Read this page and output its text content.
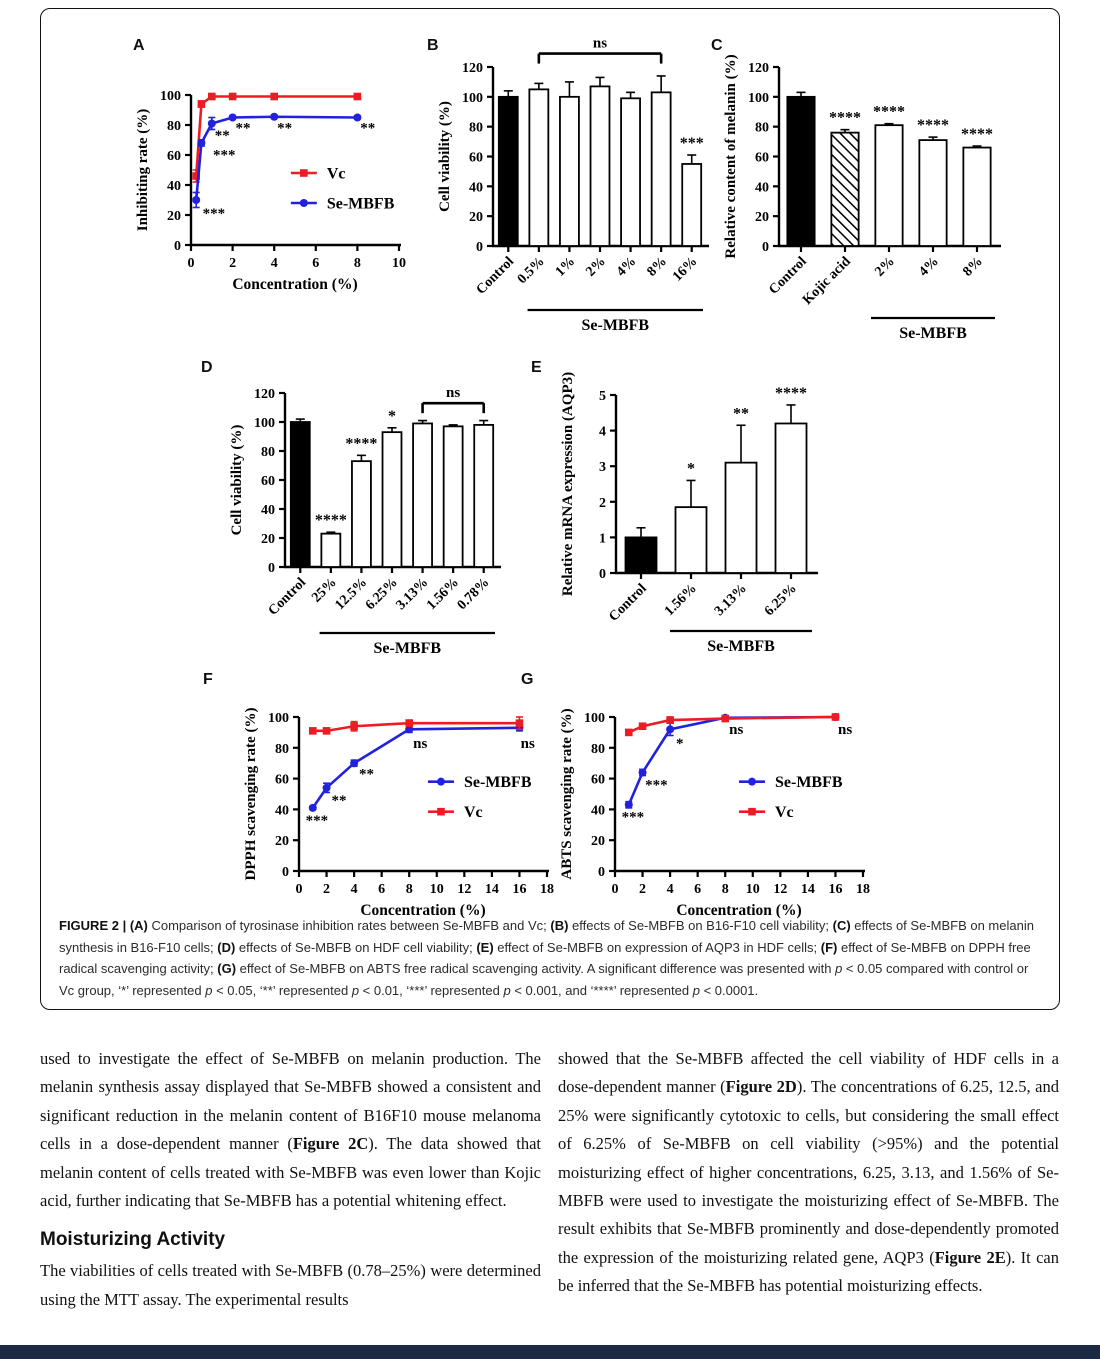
A
0
20
40
60
80
100
Inhibiting rate (%)
0 2 4 6 8 10
Concentration (%)
**
***
***
** **	**
Vc
Se-MBFB
B
0
20
40
60
80
100
120
Cell viability (%)
Control
0.5% 1% 2% 4% 8% 16%
***
ns
Se-MBFB
C
0
20
40
60
80
100
120
Relative content of melanin (%)
Control
Kojic acid
****
2%
****
4%
****
8%
****
Se-MBFB
D
0
20
40
60
80
100
120
Cell viability (%)
Control 25%
****
12.5%
****
6.25%
*
3.13%
1.56%
0.78%
ns
Se-MBFB
E
0
1
2
3
4
5
Relative mRNA expression (AQP3)
Control 1.56%
*
3.13%
**
6.25%
****
Se-MBFB
F
0
20
40
60
80
100
DPPH scavenging rate (%)
0 2 4 6 8 10 12 14 16 18
Concentration (%)
***
**
**
ns	ns
Se-MBFB
Vc
G
0
20
40
60
80
100
ABTS scavenging rate (%)
0 2 4 6 8 10 12 14 16 18
Concentration (%)
***
***
*
ns	ns
Se-MBFB
Vc
FIGURE 2 | (A) Comparison of tyrosinase inhibition rates between Se-MBFB and Vc; (B) effects of Se-MBFB on B16-F10 cell viability; (C) effects of Se-MBFB on melanin synthesis in B16-F10 cells; (D) effects of Se-MBFB on HDF cell viability; (E) effect of Se-MBFB on expression of AQP3 in HDF cells; (F) effect of Se-MBFB on DPPH free radical scavenging activity; (G) effect of Se-MBFB on ABTS free radical scavenging activity. A significant difference was presented with p < 0.05 compared with control or Vc group, ‘*’ represented p < 0.05, ‘**’ represented p < 0.01, ‘***’ represented p < 0.001, and ‘****’ represented p < 0.0001.

used to investigate the effect of Se-MBFB on melanin production. The melanin synthesis assay displayed that Se-MBFB showed a consistent and significant reduction in the melanin content of B16F10 mouse melanoma cells in a dose-dependent manner (Figure 2C). The data showed that melanin content of cells treated with Se-MBFB was even lower than Kojic acid, further indicating that Se-MBFB has a potential whitening effect.

Moisturizing Activity

The viabilities of cells treated with Se-MBFB (0.78–25%) were determined using the MTT assay. The experimental results

showed that the Se-MBFB affected the cell viability of HDF cells in a dose-dependent manner (Figure 2D). The concentrations of 6.25, 12.5, and 25% were significantly cytotoxic to cells, but considering the small effect of 6.25% of Se-MBFB on cell viability (>95%) and the potential moisturizing effect of higher concentrations, 6.25, 3.13, and 1.56% of Se-MBFB were used to investigate the moisturizing effect of Se-MBFB. The result exhibits that Se-MBFB prominently and dose-dependently promoted the expression of the moisturizing related gene, AQP3 (Figure 2E). It can be inferred that the Se-MBFB has potential moisturizing effects.
